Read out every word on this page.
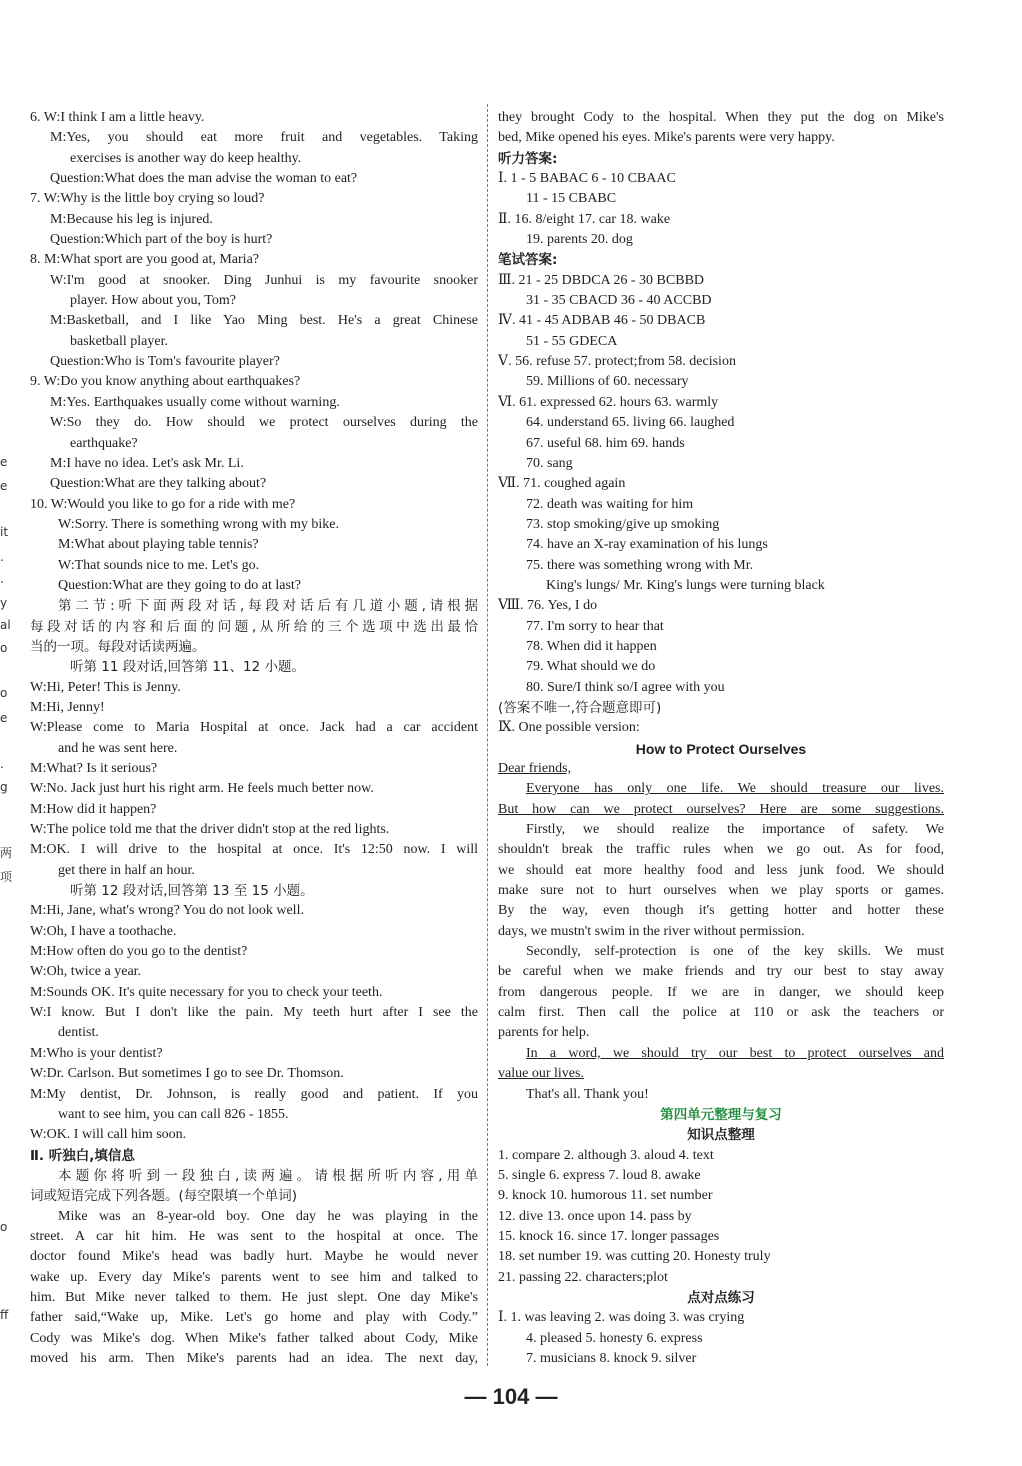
6. W:I think I am a little heavy.
M:Yes, you should eat more fruit and vegetables. Taking
exercises is another way do keep healthy.
Question:What does the man advise the woman to eat?
7. W:Why is the little boy crying so loud?
M:Because his leg is injured.
Question:Which part of the boy is hurt?
8. M:What sport are you good at, Maria?
W:I'm good at snooker. Ding Junhui is my favourite snooker
player. How about you, Tom?
M:Basketball, and I like Yao Ming best. He's a great Chinese
basketball player.
Question:Who is Tom's favourite player?
9. W:Do you know anything about earthquakes?
M:Yes. Earthquakes usually come without warning.
W:So they do. How should we protect ourselves during the
earthquake?
M:I have no idea. Let's ask Mr. Li.
Question:What are they talking about?
10. W:Would you like to go for a ride with me?
W:Sorry. There is something wrong with my bike.
M:What about playing table tennis?
W:That sounds nice to me. Let's go.
Question:What are they going to do at last?
第二节:听下面两段对话,每段对话后有几道小题,请根据
每段对话的内容和后面的问题,从所给的三个选项中选出最恰
当的一项。每段对话读两遍。
听第 11 段对话,回答第 11、12 小题。
W:Hi, Peter! This is Jenny.
M:Hi, Jenny!
W:Please come to Maria Hospital at once. Jack had a car accident
and he was sent here.
M:What? Is it serious?
W:No. Jack just hurt his right arm. He feels much better now.
M:How did it happen?
W:The police told me that the driver didn't stop at the red lights.
M:OK. I will drive to the hospital at once. It's 12:50 now. I will
get there in half an hour.
听第 12 段对话,回答第 13 至 15 小题。
M:Hi, Jane, what's wrong? You do not look well.
W:Oh, I have a toothache.
M:How often do you go to the dentist?
W:Oh, twice a year.
M:Sounds OK. It's quite necessary for you to check your teeth.
W:I know. But I don't like the pain. My teeth hurt after I see the
dentist.
M:Who is your dentist?
W:Dr. Carlson. But sometimes I go to see Dr. Thomson.
M:My dentist, Dr. Johnson, is really good and patient. If you
want to see him, you can call 826 - 1855.
W:OK. I will call him soon.
Ⅱ. 听独白,填信息
本题你将听到一段独白,读两遍。请根据所听内容,用单
词或短语完成下列各题。(每空限填一个单词)
Mike was an 8-year-old boy. One day he was playing in the
street. A car hit him. He was sent to the hospital at once. The
doctor found Mike's head was badly hurt. Maybe he would never
wake up. Every day Mike's parents went to see him and talked to
him. But Mike never talked to them. He just slept. One day Mike's
father said,“Wake up, Mike. Let's go home and play with Cody.”
Cody was Mike's dog. When Mike's father talked about Cody, Mike
moved his arm. Then Mike's parents had an idea. The next day,
they brought Cody to the hospital. When they put the dog on Mike's
bed, Mike opened his eyes. Mike's parents were very happy.
听力答案:
Ⅰ. 1 - 5 BABAC 6 - 10 CBAAC
11 - 15 CBABC
Ⅱ. 16. 8/eight 17. car 18. wake
19. parents 20. dog
笔试答案:
Ⅲ. 21 - 25 DBDCA 26 - 30 BCBBD
31 - 35 CBACD 36 - 40 ACCBD
Ⅳ. 41 - 45 ADBAB 46 - 50 DBACB
51 - 55 GDECA
Ⅴ. 56. refuse 57. protect;from 58. decision
59. Millions of 60. necessary
Ⅵ. 61. expressed 62. hours 63. warmly
64. understand 65. living 66. laughed
67. useful 68. him 69. hands
70. sang
Ⅶ. 71. coughed again
72. death was waiting for him
73. stop smoking/give up smoking
74. have an X-ray examination of his lungs
75. there was something wrong with Mr.
King's lungs/ Mr. King's lungs were turning black
Ⅷ. 76. Yes, I do
77. I'm sorry to hear that
78. When did it happen
79. What should we do
80. Sure/I think so/I agree with you
(答案不唯一,符合题意即可)
Ⅸ. One possible version:
How to Protect Ourselves
Dear friends,
Everyone has only one life. We should treasure our lives.
But how can we protect ourselves? Here are some suggestions.
Firstly, we should realize the importance of safety. We
shouldn't break the traffic rules when we go out. As for food,
we should eat more healthy food and less junk food. We should
make sure not to hurt ourselves when we play sports or games.
By the way, even though it's getting hotter and hotter these
days, we mustn't swim in the river without permission.
Secondly, self-protection is one of the key skills. We must
be careful when we make friends and try our best to stay away
from dangerous people. If we are in danger, we should keep
calm first. Then call the police at 110 or ask the teachers or
parents for help.
In a word, we should try our best to protect ourselves and
value our lives.
That's all. Thank you!
第四单元整理与复习
知识点整理
1. compare 2. although 3. aloud 4. text
5. single 6. express 7. loud 8. awake
9. knock 10. humorous 11. set number
12. dive 13. once upon 14. pass by
15. knock 16. since 17. longer passages
18. set number 19. was cutting 20. Honesty truly
21. passing 22. characters;plot
点对点练习
Ⅰ. 1. was leaving 2. was doing 3. was crying
4. pleased 5. honesty 6. express
7. musicians 8. knock 9. silver
— 104 —
e
e
it
.
.
y
al
o
o
e
.
g
两
项
o
ff
